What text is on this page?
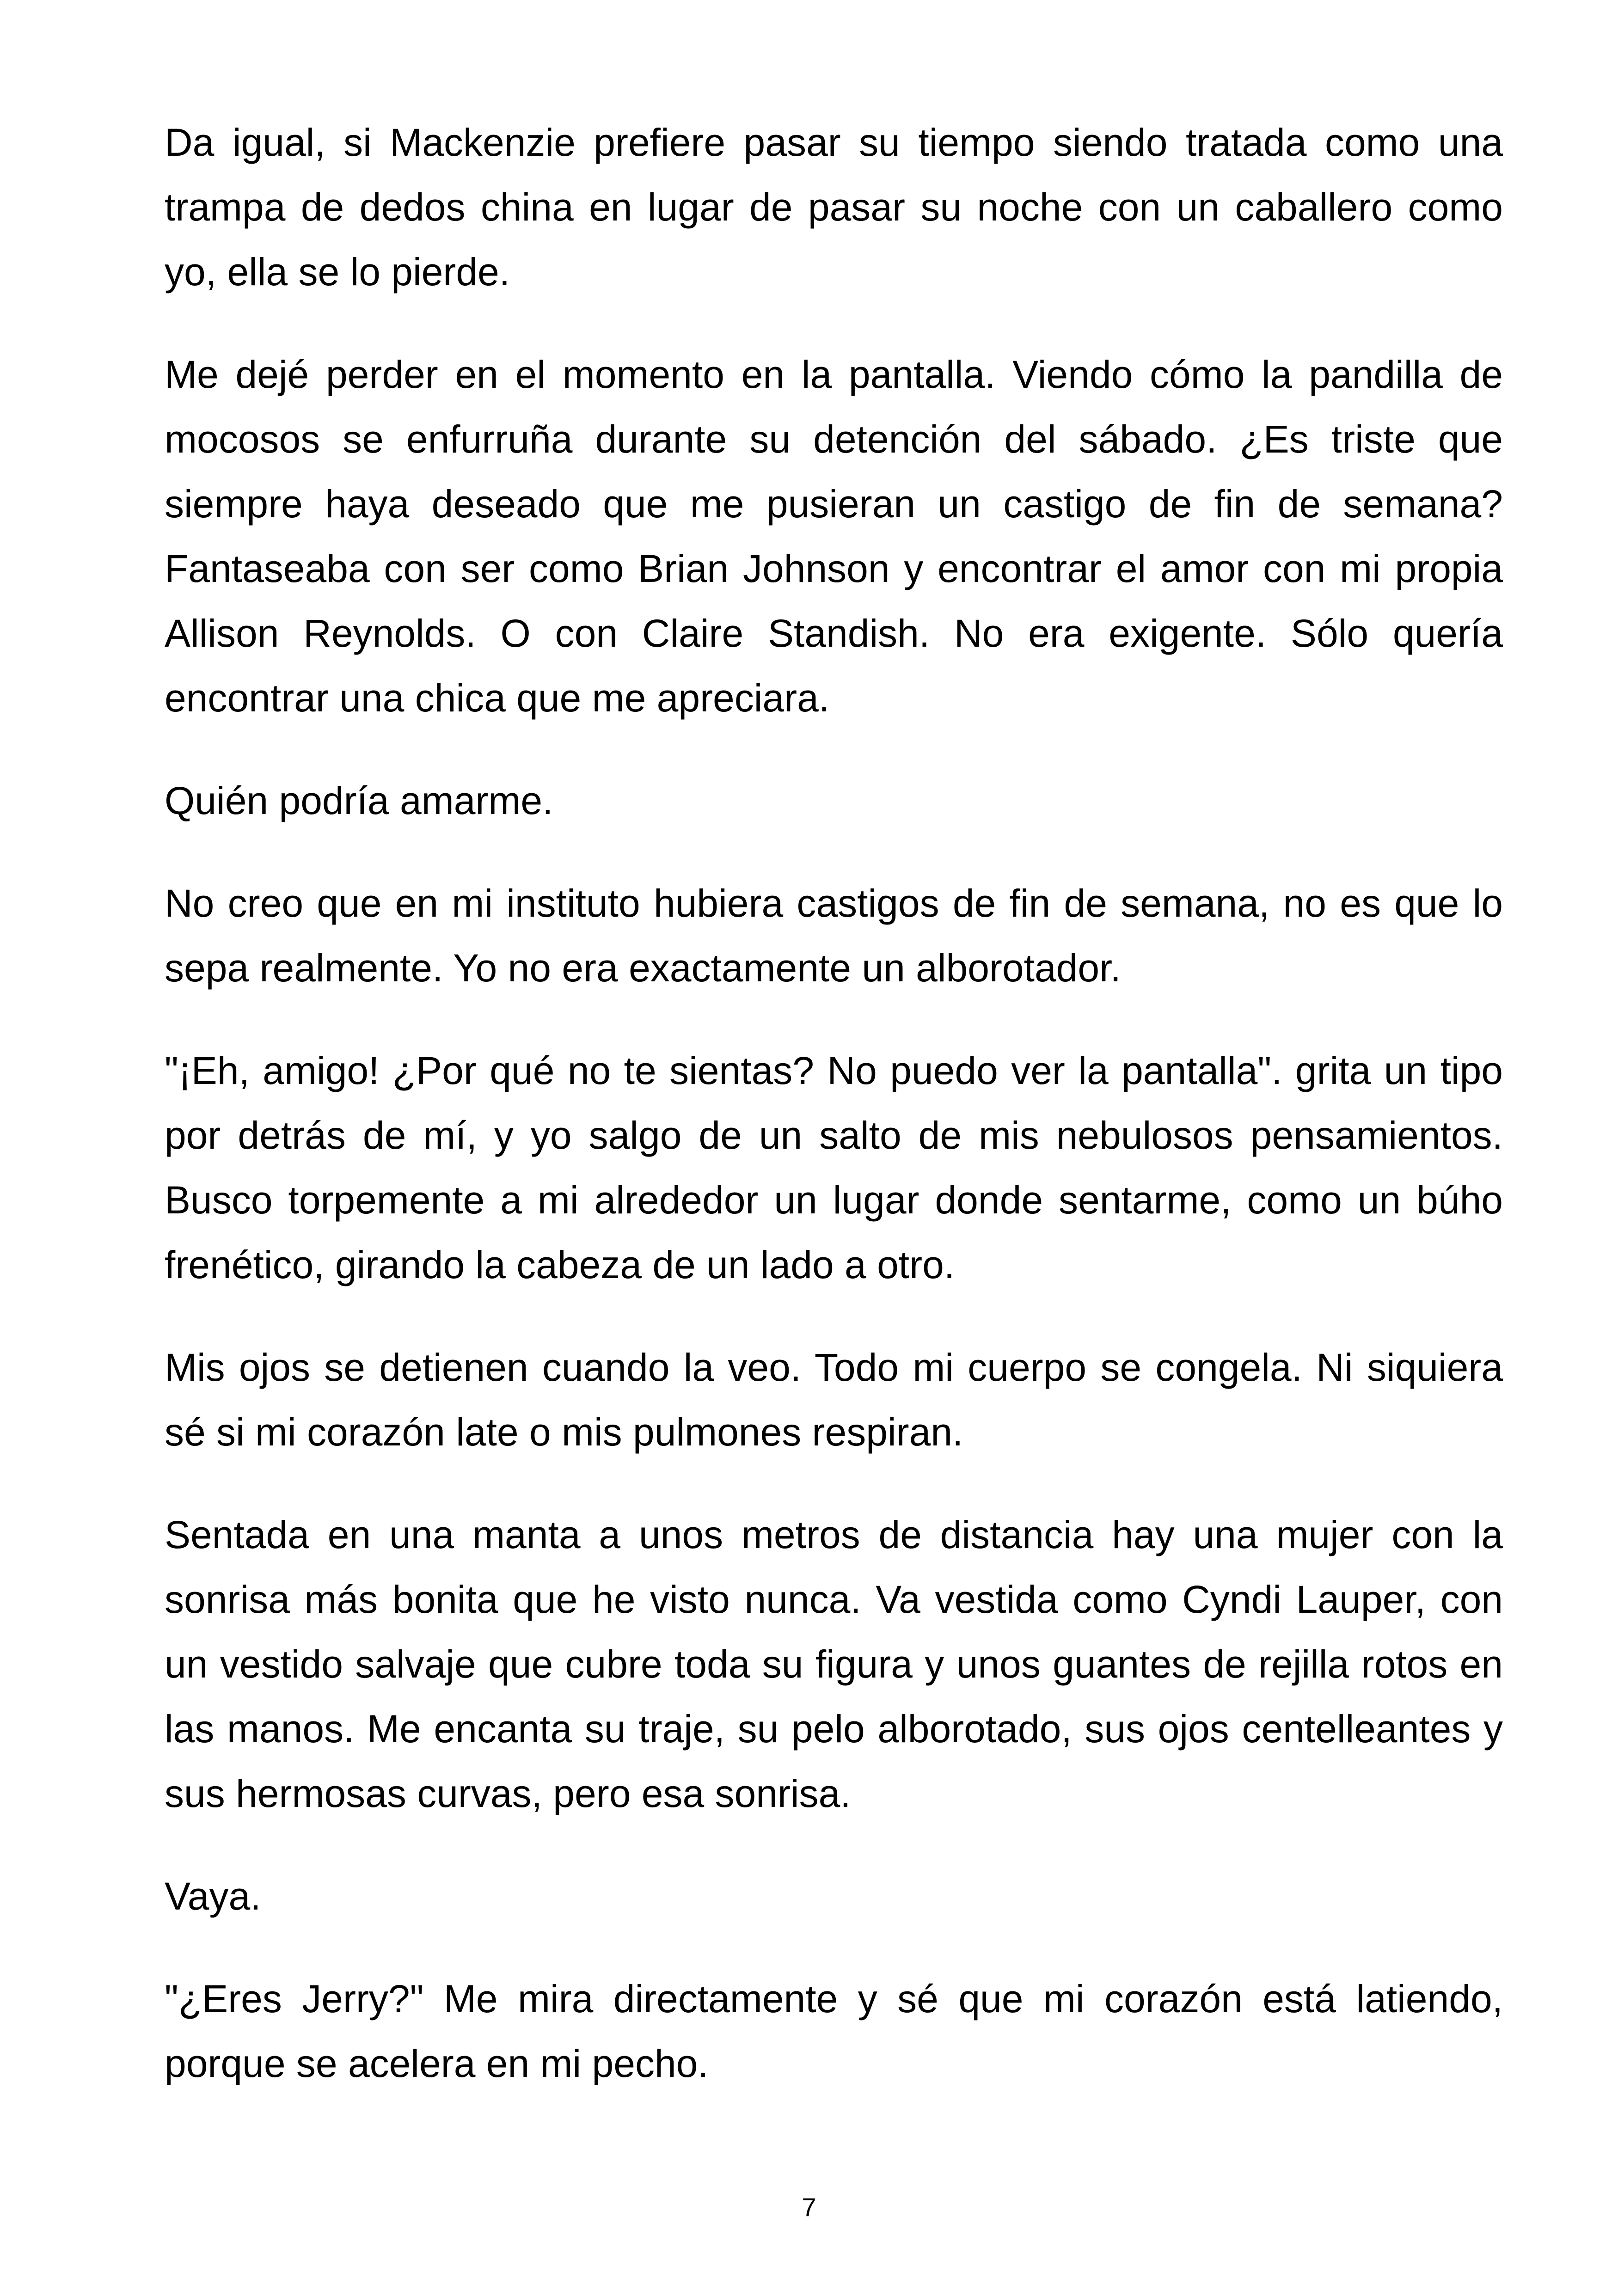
Da igual, si Mackenzie prefiere pasar su tiempo siendo tratada como una trampa de dedos china en lugar de pasar su noche con un caballero como yo, ella se lo pierde.

Me dejé perder en el momento en la pantalla. Viendo cómo la pandilla de mocosos se enfurruña durante su detención del sábado. ¿Es triste que siempre haya deseado que me pusieran un castigo de fin de semana? Fantaseaba con ser como Brian Johnson y encontrar el amor con mi propia Allison Reynolds. O con Claire Standish. No era exigente. Sólo quería encontrar una chica que me apreciara.

Quién podría amarme.

No creo que en mi instituto hubiera castigos de fin de semana, no es que lo sepa realmente. Yo no era exactamente un alborotador.

"¡Eh, amigo! ¿Por qué no te sientas? No puedo ver la pantalla". grita un tipo por detrás de mí, y yo salgo de un salto de mis nebulosos pensamientos. Busco torpemente a mi alrededor un lugar donde sentarme, como un búho frenético, girando la cabeza de un lado a otro.

Mis ojos se detienen cuando la veo. Todo mi cuerpo se congela. Ni siquiera sé si mi corazón late o mis pulmones respiran.

Sentada en una manta a unos metros de distancia hay una mujer con la sonrisa más bonita que he visto nunca. Va vestida como Cyndi Lauper, con un vestido salvaje que cubre toda su figura y unos guantes de rejilla rotos en las manos. Me encanta su traje, su pelo alborotado, sus ojos centelleantes y sus hermosas curvas, pero esa sonrisa.

Vaya.

"¿Eres Jerry?" Me mira directamente y sé que mi corazón está latiendo, porque se acelera en mi pecho.

7
